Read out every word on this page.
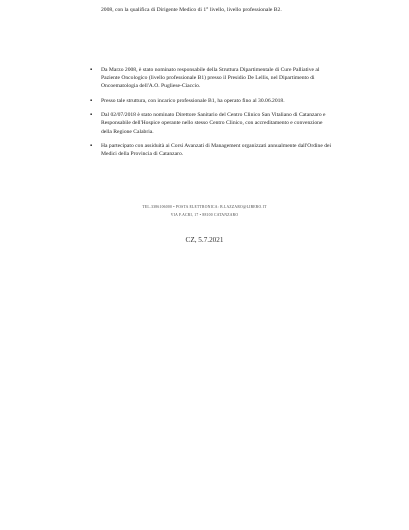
2008, con la qualifica di Dirigente Medico di 1° livello, livello professionale B2.
▪ Da Marzo 2008, è stato nominato responsabile della Struttura Dipartimentale di Cure Palliative al Paziente Oncologico (livello professionale B1) presso il Presidio De Lellis, nel Dipartimento di Oncoematologia dell'A.O. Pugliese-Ciaccio.
▪ Presso tale struttura, con incarico professionale B1, ha operato fino al 30.06.2018.
▪ Dal 02/07/2018 è stato nominato Direttore Sanitario del Centro Clinico San Vitaliano di Catanzaro e Responsabile dell'Hospice operante nello stesso Centro Clinico, con accreditamento e convenzione della Regione Calabria.
▪ Ha partecipato con assiduità ai Corsi Avanzati di Management organizzati annualmente dall'Ordine dei Medici della Provincia di Catanzaro.
TEL.3386106000 • POSTA ELETTRONICA: B.LAZZARO@LIBERO.IT
VIA F.ACRI, 17 • 88100 CATANZARO
CZ, 5.7.2021
